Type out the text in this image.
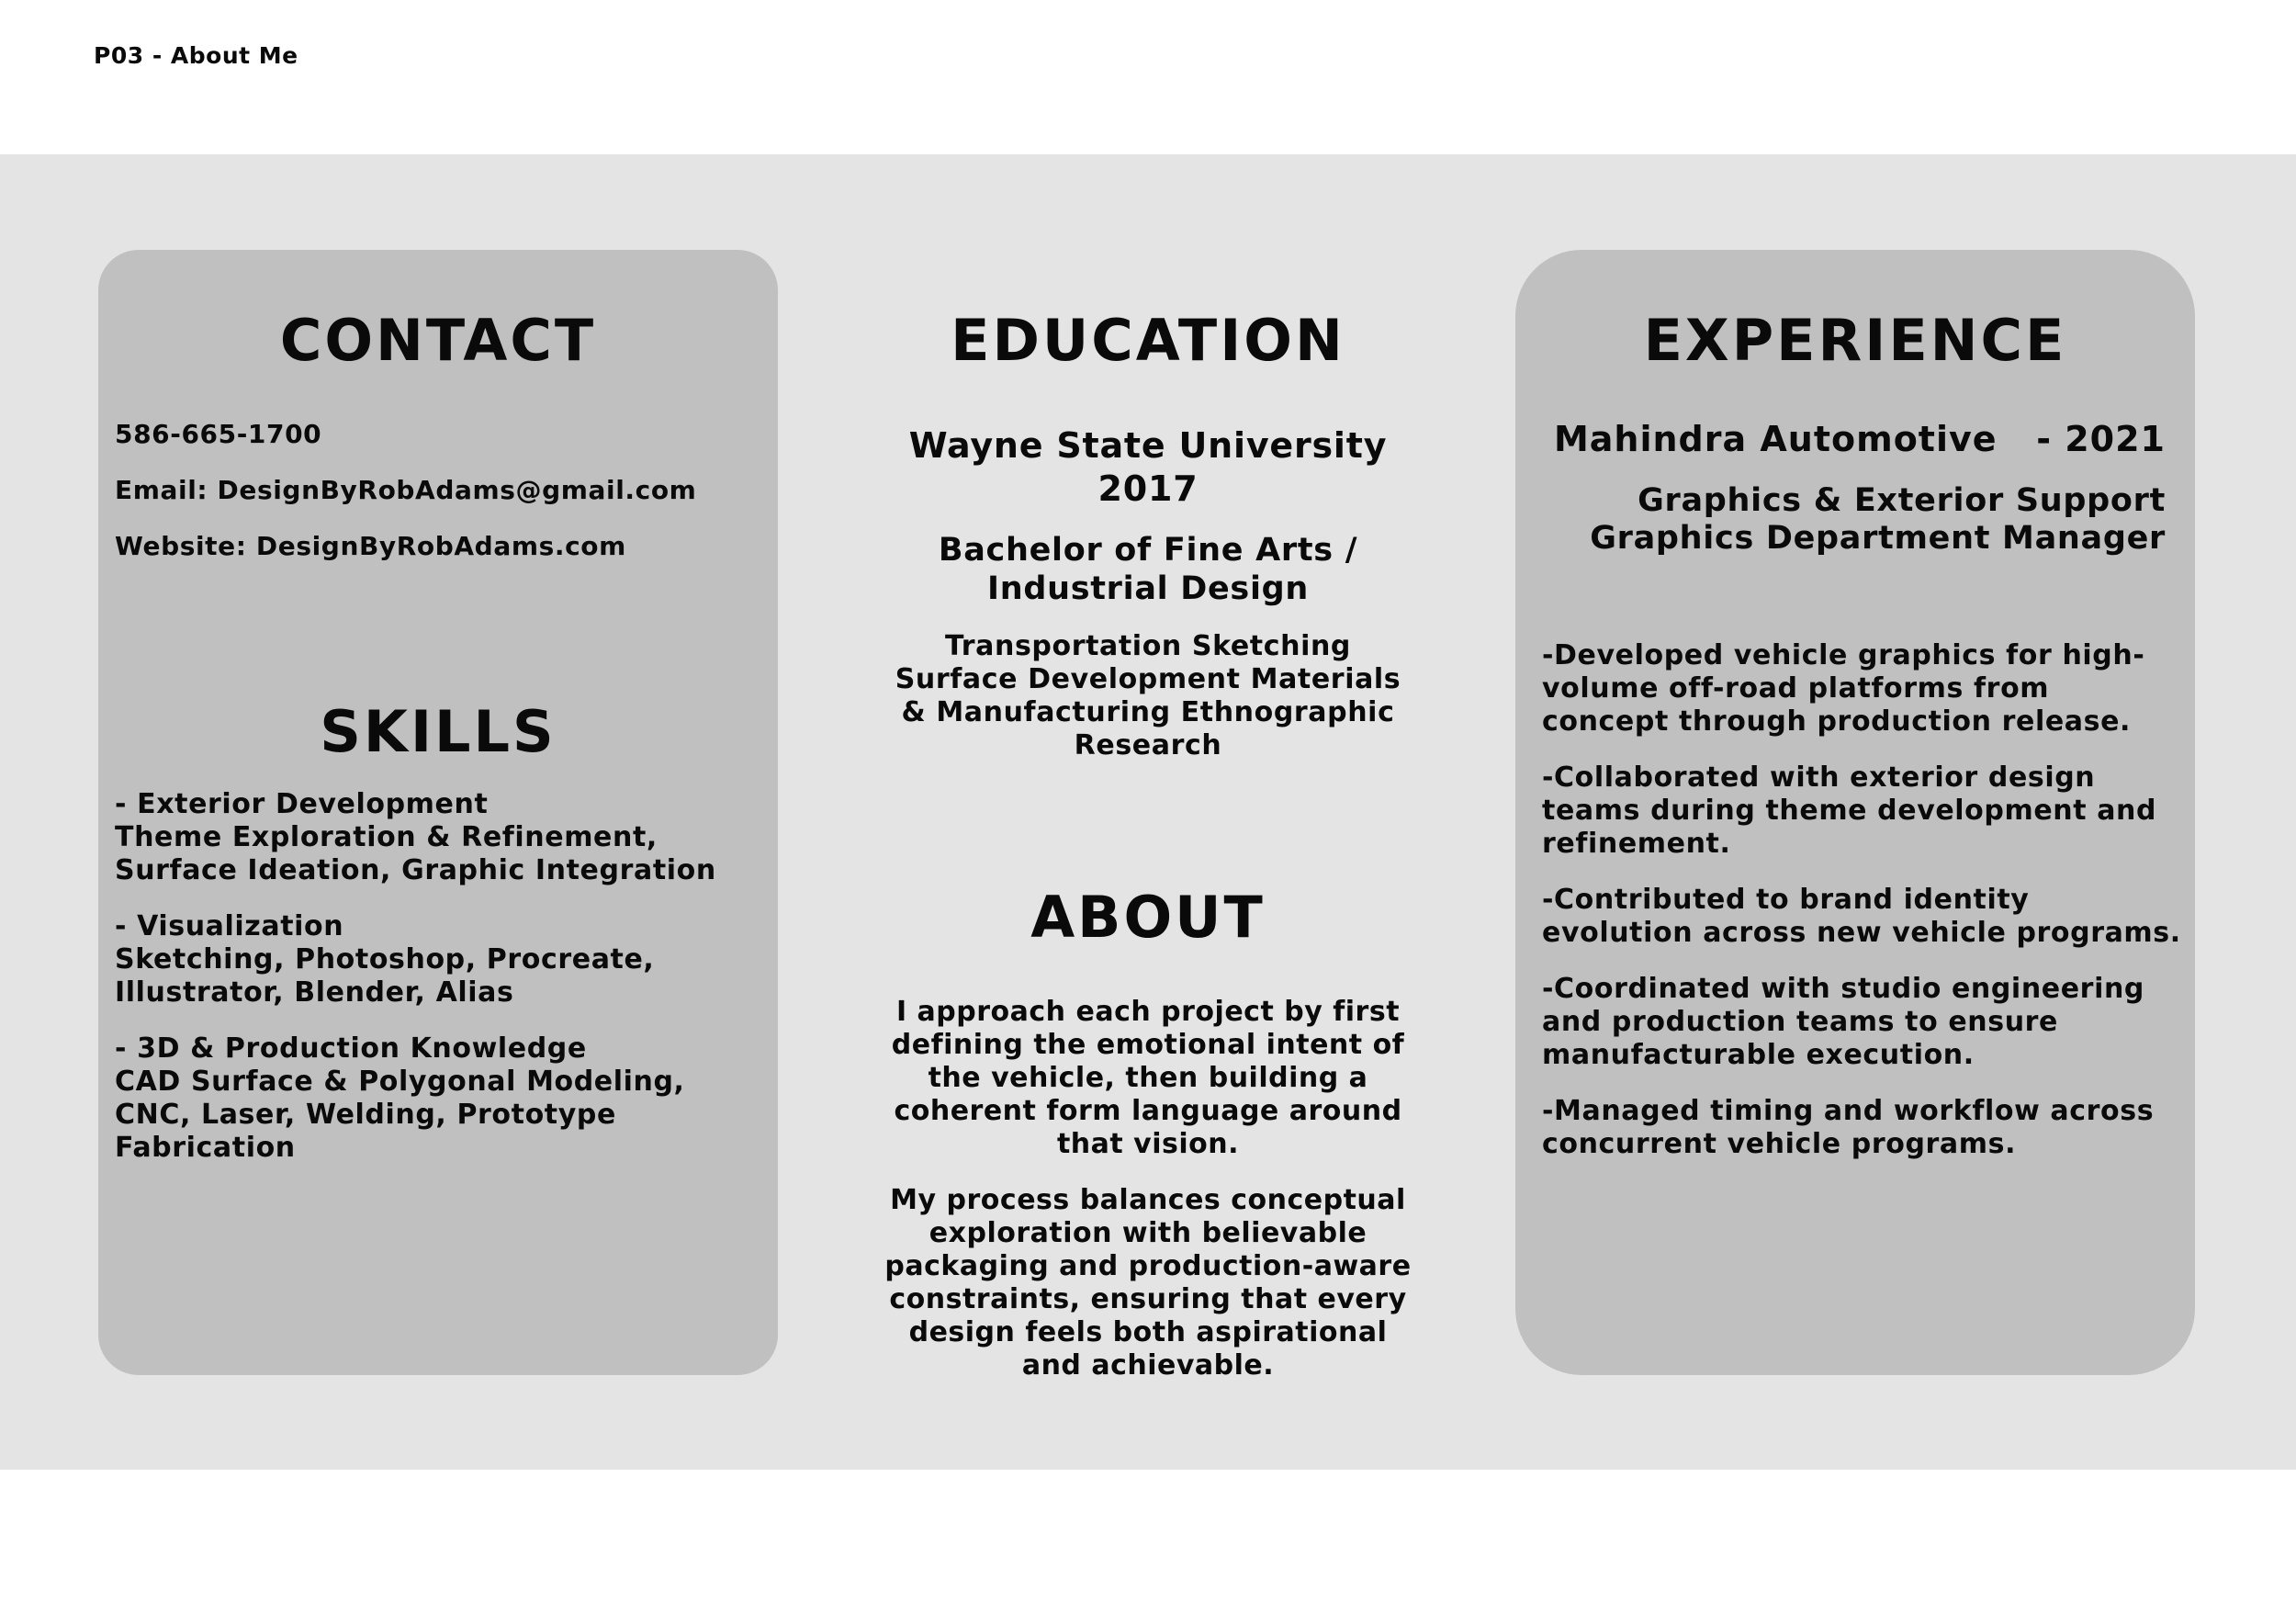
P03 - About Me
CONTACT
586-665-1700
Email: DesignByRobAdams@gmail.com
Website: DesignByRobAdams.com
SKILLS
- Exterior Development
Theme Exploration & Refinement, Surface Ideation, Graphic Integration
- Visualization
Sketching, Photoshop, Procreate, Illustrator, Blender, Alias
- 3D & Production Knowledge
CAD Surface & Polygonal Modeling, CNC, Laser, Welding, Prototype Fabrication
EDUCATION
Wayne State University
2017
Bachelor of Fine Arts /
Industrial Design
Transportation Sketching Surface Development Materials & Manufacturing Ethnographic Research
ABOUT

I approach each project by first defining the emotional intent of the vehicle, then building a coherent form language around that vision.

My process balances conceptual exploration with believable packaging and production-aware constraints, ensuring that every design feels both aspirational and achievable.

EXPERIENCE
Mahindra Automotive   - 2021
Graphics & Exterior Support
Graphics Department Manager

-Developed vehicle graphics for high-volume off-road platforms from concept through production release.

-Collaborated with exterior design teams during theme development and refinement.

-Contributed to brand identity evolution across new vehicle programs.

-Coordinated with studio engineering and production teams to ensure manufacturable execution.

-Managed timing and workflow across concurrent vehicle programs.
